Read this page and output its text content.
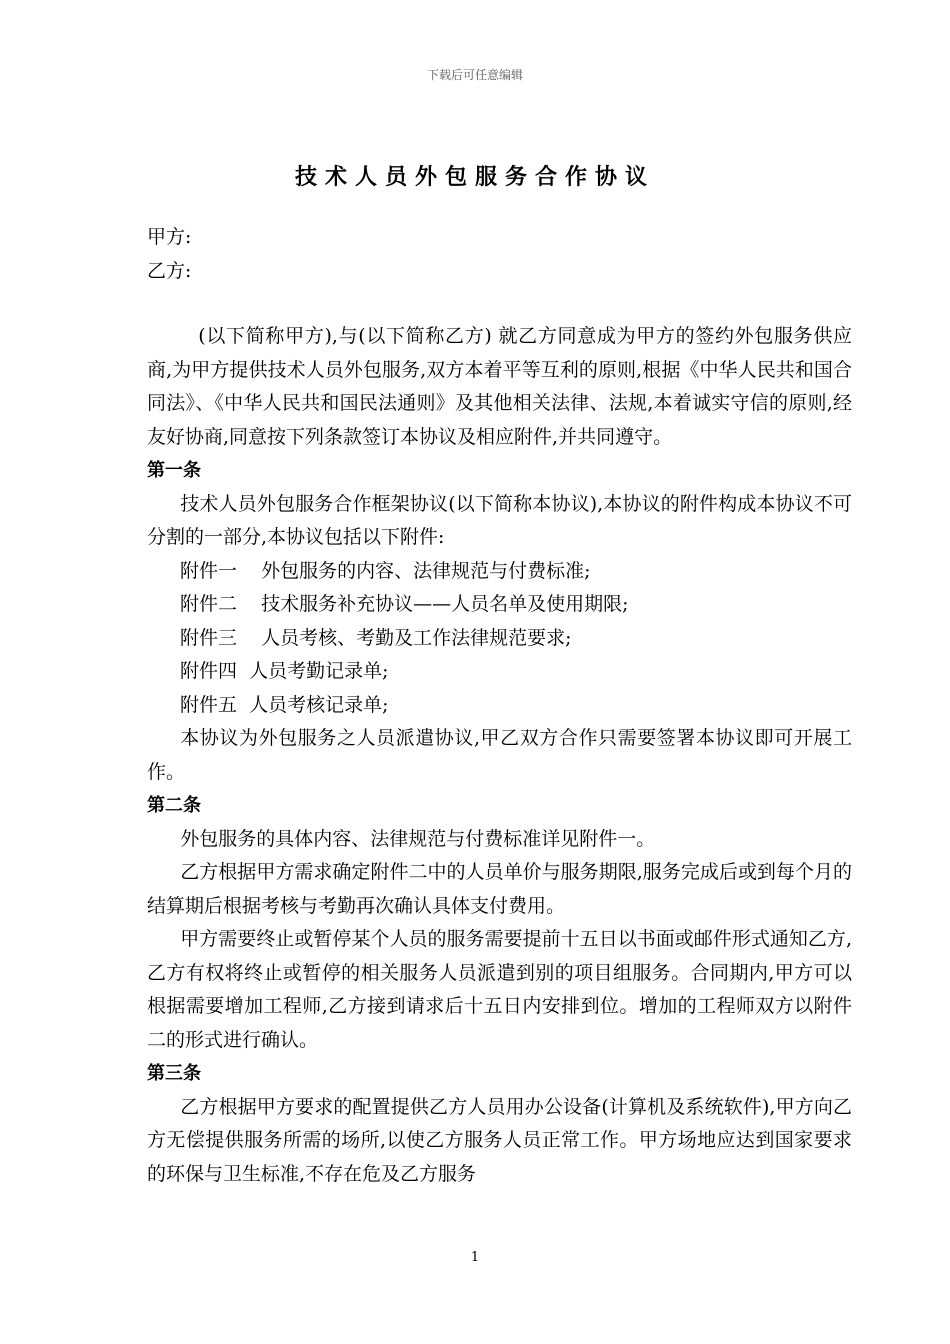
下载后可任意编辑
技术人员外包服务合作协议
甲方:
乙方:

(以下简称甲方),与(以下简称乙方) 就乙方同意成为甲方的签约外包服务供应商,为甲方提供技术人员外包服务,双方本着平等互利的原则,根据《中华人民共和国合同法》、《中华人民共和国民法通则》及其他相关法律、法规,本着诚实守信的原则,经友好协商,同意按下列条款签订本协议及相应附件,并共同遵守。

第一条

技术人员外包服务合作框架协议(以下简称本协议),本协议的附件构成本协议不可分割的一部分,本协议包括以下附件:

附件一    外包服务的内容、法律规范与付费标准;

附件二    技术服务补充协议——人员名单及使用期限;

附件三    人员考核、考勤及工作法律规范要求;

附件四  人员考勤记录单;

附件五  人员考核记录单;

本协议为外包服务之人员派遣协议,甲乙双方合作只需要签署本协议即可开展工作。

第二条

外包服务的具体内容、法律规范与付费标准详见附件一。

乙方根据甲方需求确定附件二中的人员单价与服务期限,服务完成后或到每个月的结算期后根据考核与考勤再次确认具体支付费用。

甲方需要终止或暂停某个人员的服务需要提前十五日以书面或邮件形式通知乙方,乙方有权将终止或暂停的相关服务人员派遣到别的项目组服务。合同期内,甲方可以根据需要增加工程师,乙方接到请求后十五日内安排到位。增加的工程师双方以附件二的形式进行确认。

第三条

乙方根据甲方要求的配置提供乙方人员用办公设备(计算机及系统软件),甲方向乙方无偿提供服务所需的场所,以使乙方服务人员正常工作。甲方场地应达到国家要求的环保与卫生标准,不存在危及乙方服务

1
